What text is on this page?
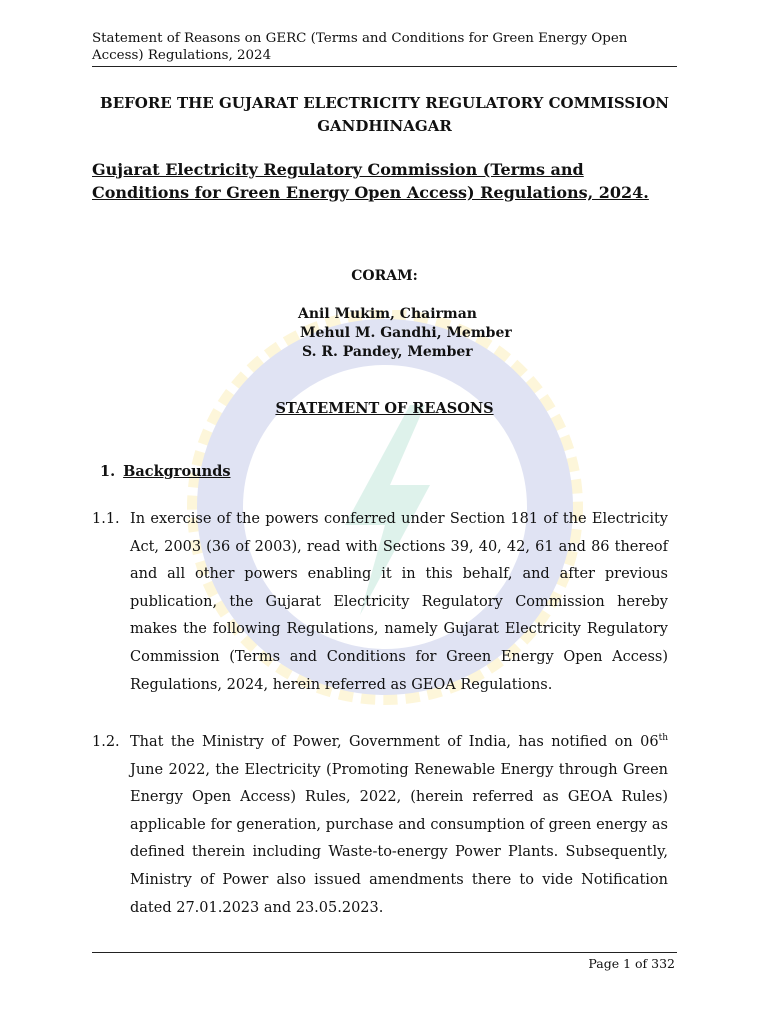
Statement of Reasons on GERC (Terms and Conditions for Green Energy Open Access) Regulations, 2024
BEFORE THE GUJARAT ELECTRICITY REGULATORY COMMISSION
GANDHINAGAR
Gujarat Electricity Regulatory Commission (Terms and Conditions for Green Energy Open Access) Regulations, 2024.
CORAM:
Anil Mukim, Chairman
Mehul M. Gandhi, Member
S. R. Pandey, Member
STATEMENT OF REASONS
1. Backgrounds
1.1. In exercise of the powers conferred under Section 181 of the Electricity Act, 2003 (36 of 2003), read with Sections 39, 40, 42, 61 and 86 thereof and all other powers enabling it in this behalf, and after previous publication, the Gujarat Electricity Regulatory Commission hereby makes the following Regulations, namely Gujarat Electricity Regulatory Commission (Terms and Conditions for Green Energy Open Access) Regulations, 2024, herein referred as GEOA Regulations.
1.2. That the Ministry of Power, Government of India, has notified on 06th June 2022, the Electricity (Promoting Renewable Energy through Green Energy Open Access) Rules, 2022, (herein referred as GEOA Rules) applicable for generation, purchase and consumption of green energy as defined therein including Waste-to-energy Power Plants. Subsequently, Ministry of Power also issued amendments there to vide Notification dated 27.01.2023 and 23.05.2023.
Page 1 of 332
